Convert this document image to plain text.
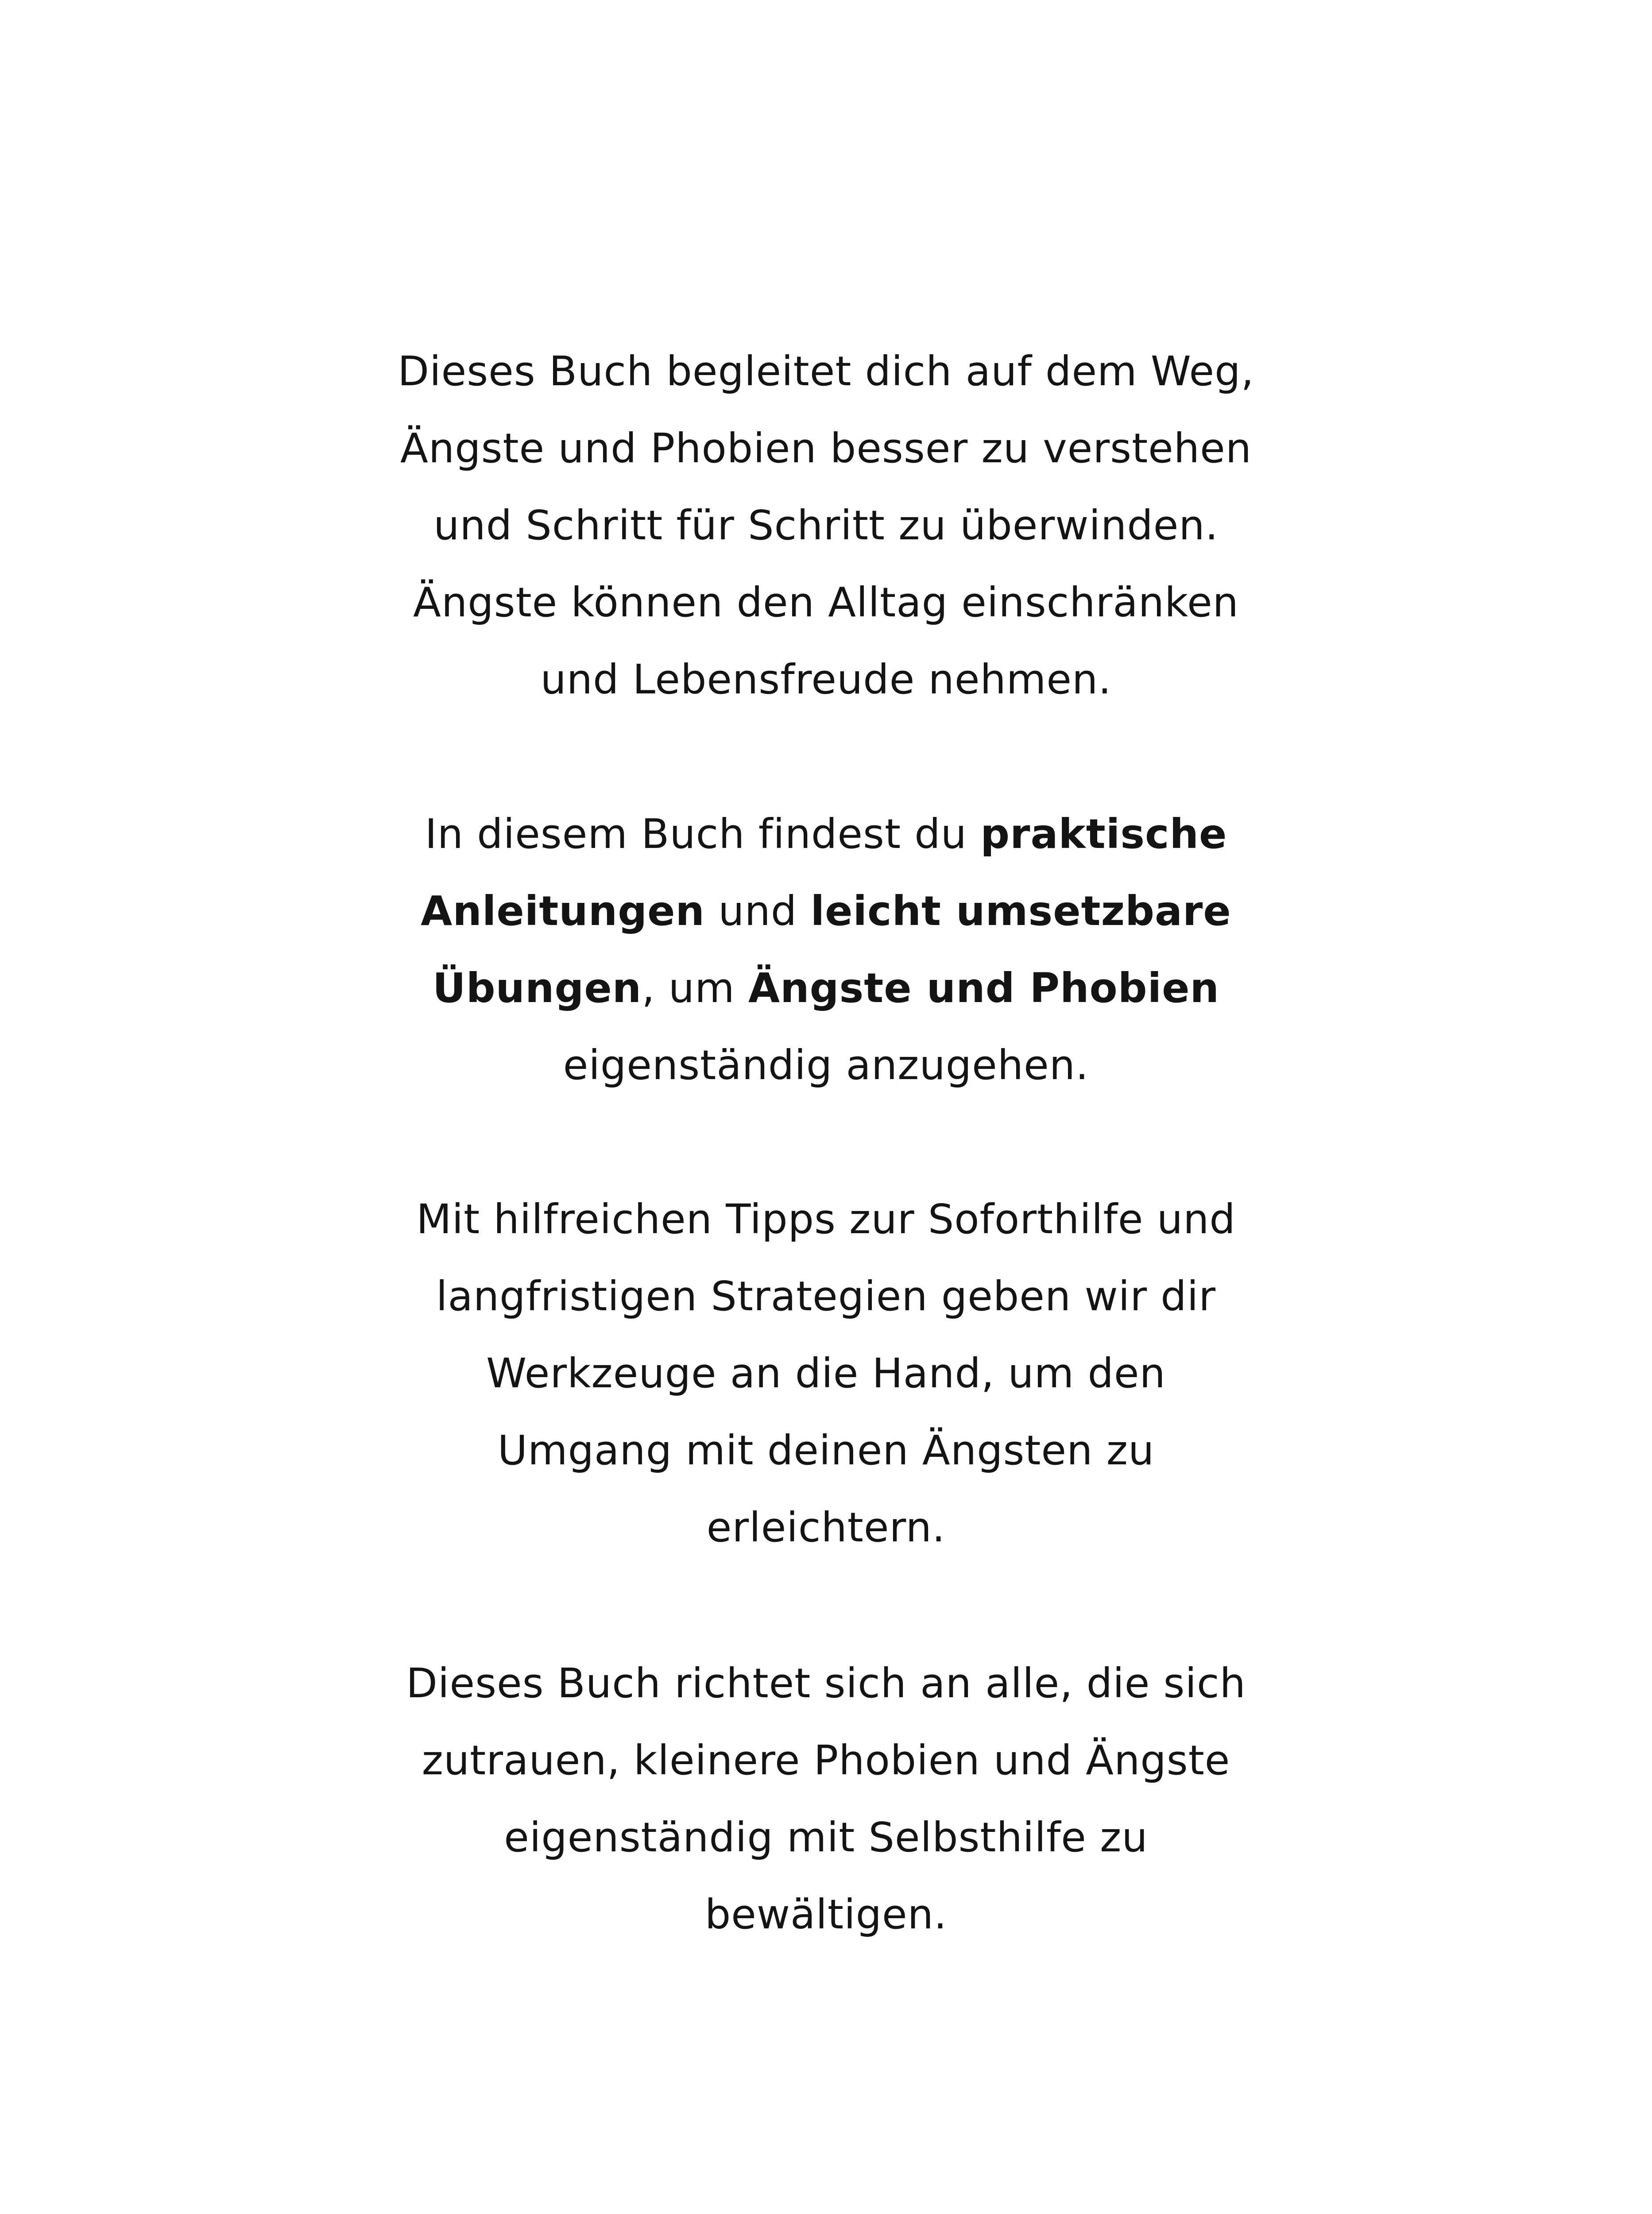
Dieses Buch begleitet dich auf dem Weg,
Ängste und Phobien besser zu verstehen
und Schritt für Schritt zu überwinden.
Ängste können den Alltag einschränken
und Lebensfreude nehmen.

In diesem Buch findest du praktische
Anleitungen und leicht umsetzbare
Übungen, um Ängste und Phobien
eigenständig anzugehen.

Mit hilfreichen Tipps zur Soforthilfe und
langfristigen Strategien geben wir dir
Werkzeuge an die Hand, um den
Umgang mit deinen Ängsten zu
erleichtern.

Dieses Buch richtet sich an alle, die sich
zutrauen, kleinere Phobien und Ängste
eigenständig mit Selbsthilfe zu
bewältigen.
